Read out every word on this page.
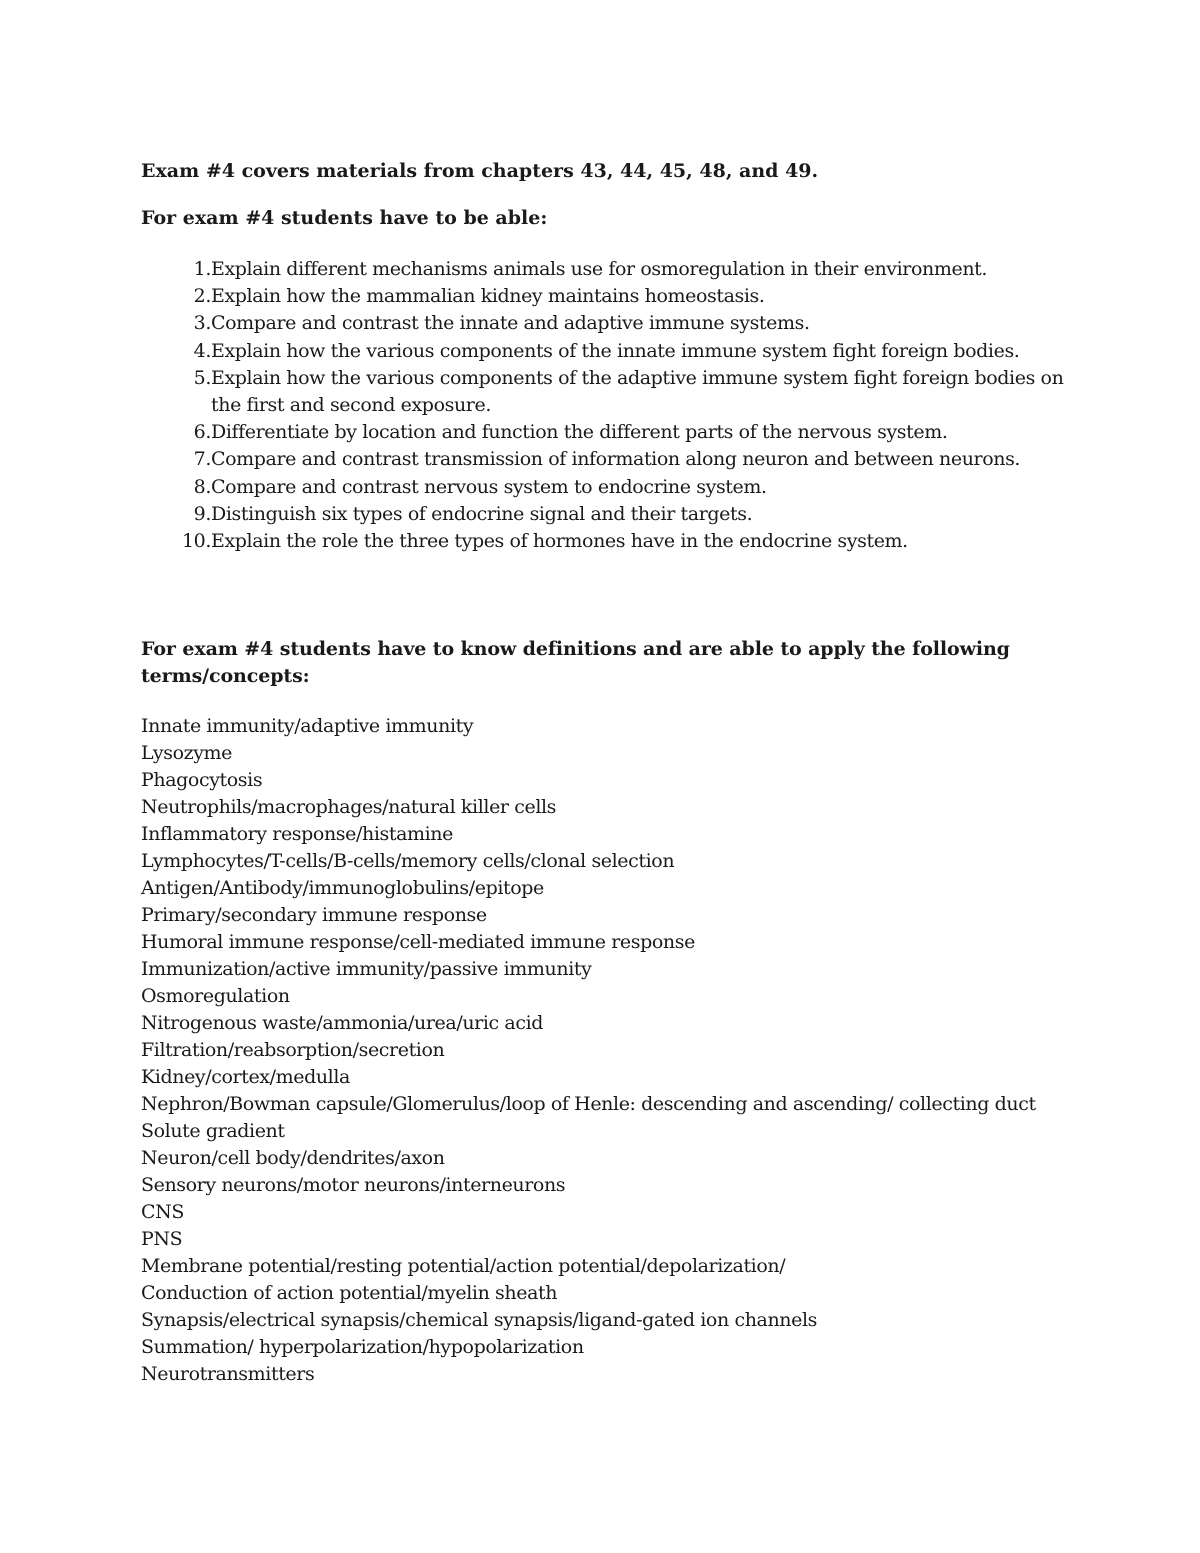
Exam #4 covers materials from chapters 43, 44, 45, 48, and 49.

For exam #4 students have to be able:

1. Explain different mechanisms animals use for osmoregulation in their environment.
2. Explain how the mammalian kidney maintains homeostasis.
3. Compare and contrast the innate and adaptive immune systems.
4. Explain how the various components of the innate immune system fight foreign bodies.
5. Explain how the various components of the adaptive immune system fight foreign bodies on the first and second exposure.
6. Differentiate by location and function the different parts of the nervous system.
7. Compare and contrast transmission of information along neuron and between neurons.
8. Compare and contrast nervous system to endocrine system.
9. Distinguish six types of endocrine signal and their targets.
10. Explain the role the three types of hormones have in the endocrine system.

For exam #4 students have to know definitions and are able to apply the following terms/concepts:

Innate immunity/adaptive immunity
Lysozyme
Phagocytosis
Neutrophils/macrophages/natural killer cells
Inflammatory response/histamine
Lymphocytes/T-cells/B-cells/memory cells/clonal selection
Antigen/Antibody/immunoglobulins/epitope
Primary/secondary immune response
Humoral immune response/cell-mediated immune response
Immunization/active immunity/passive immunity
Osmoregulation
Nitrogenous waste/ammonia/urea/uric acid
Filtration/reabsorption/secretion
Kidney/cortex/medulla
Nephron/Bowman capsule/Glomerulus/loop of Henle: descending and ascending/ collecting duct
Solute gradient
Neuron/cell body/dendrites/axon
Sensory neurons/motor neurons/interneurons
CNS
PNS
Membrane potential/resting potential/action potential/depolarization/
Conduction of action potential/myelin sheath
Synapsis/electrical synapsis/chemical synapsis/ligand-gated ion channels
Summation/ hyperpolarization/hypopolarization
Neurotransmitters
